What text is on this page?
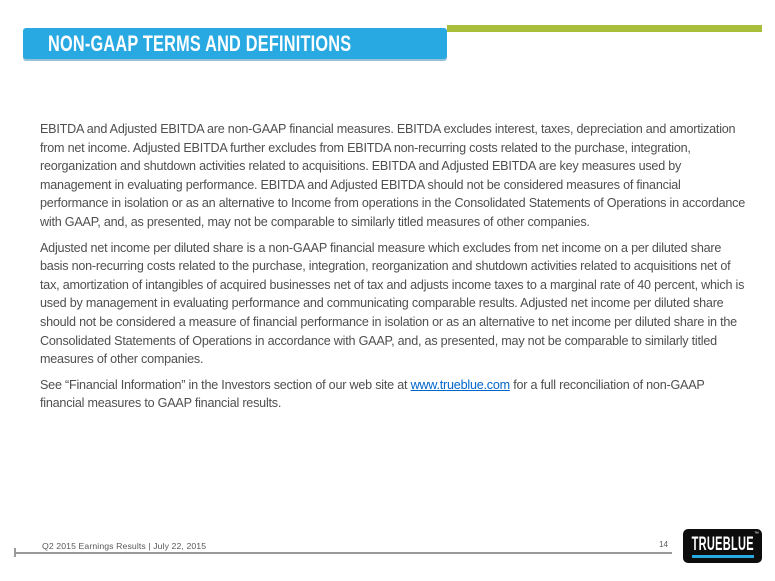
NON-GAAP TERMS AND DEFINITIONS

EBITDA and Adjusted EBITDA are non-GAAP financial measures. EBITDA excludes interest, taxes, depreciation and amortization from net income. Adjusted EBITDA further excludes from EBITDA non-recurring costs related to the purchase, integration, reorganization and shutdown activities related to acquisitions. EBITDA and Adjusted EBITDA are key measures used by management in evaluating performance. EBITDA and Adjusted EBITDA should not be considered measures of financial performance in isolation or as an alternative to Income from operations in the Consolidated Statements of Operations in accordance with GAAP, and, as presented, may not be comparable to similarly titled measures of other companies.

Adjusted net income per diluted share is a non-GAAP financial measure which excludes from net income on a per diluted share basis non-recurring costs related to the purchase, integration, reorganization and shutdown activities related to acquisitions net of tax, amortization of intangibles of acquired businesses net of tax and adjusts income taxes to a marginal rate of 40 percent, which is used by management in evaluating performance and communicating comparable results. Adjusted net income per diluted share should not be considered a measure of financial performance in isolation or as an alternative to net income per diluted share in the Consolidated Statements of Operations in accordance with GAAP, and, as presented, may not be comparable to similarly titled measures of other companies.

See “Financial Information” in the Investors section of our web site at www.trueblue.com for a full reconciliation of non-GAAP financial measures to GAAP financial results.

Q2 2015 Earnings Results | July 22, 2015	14 TRUEBLUE ™
